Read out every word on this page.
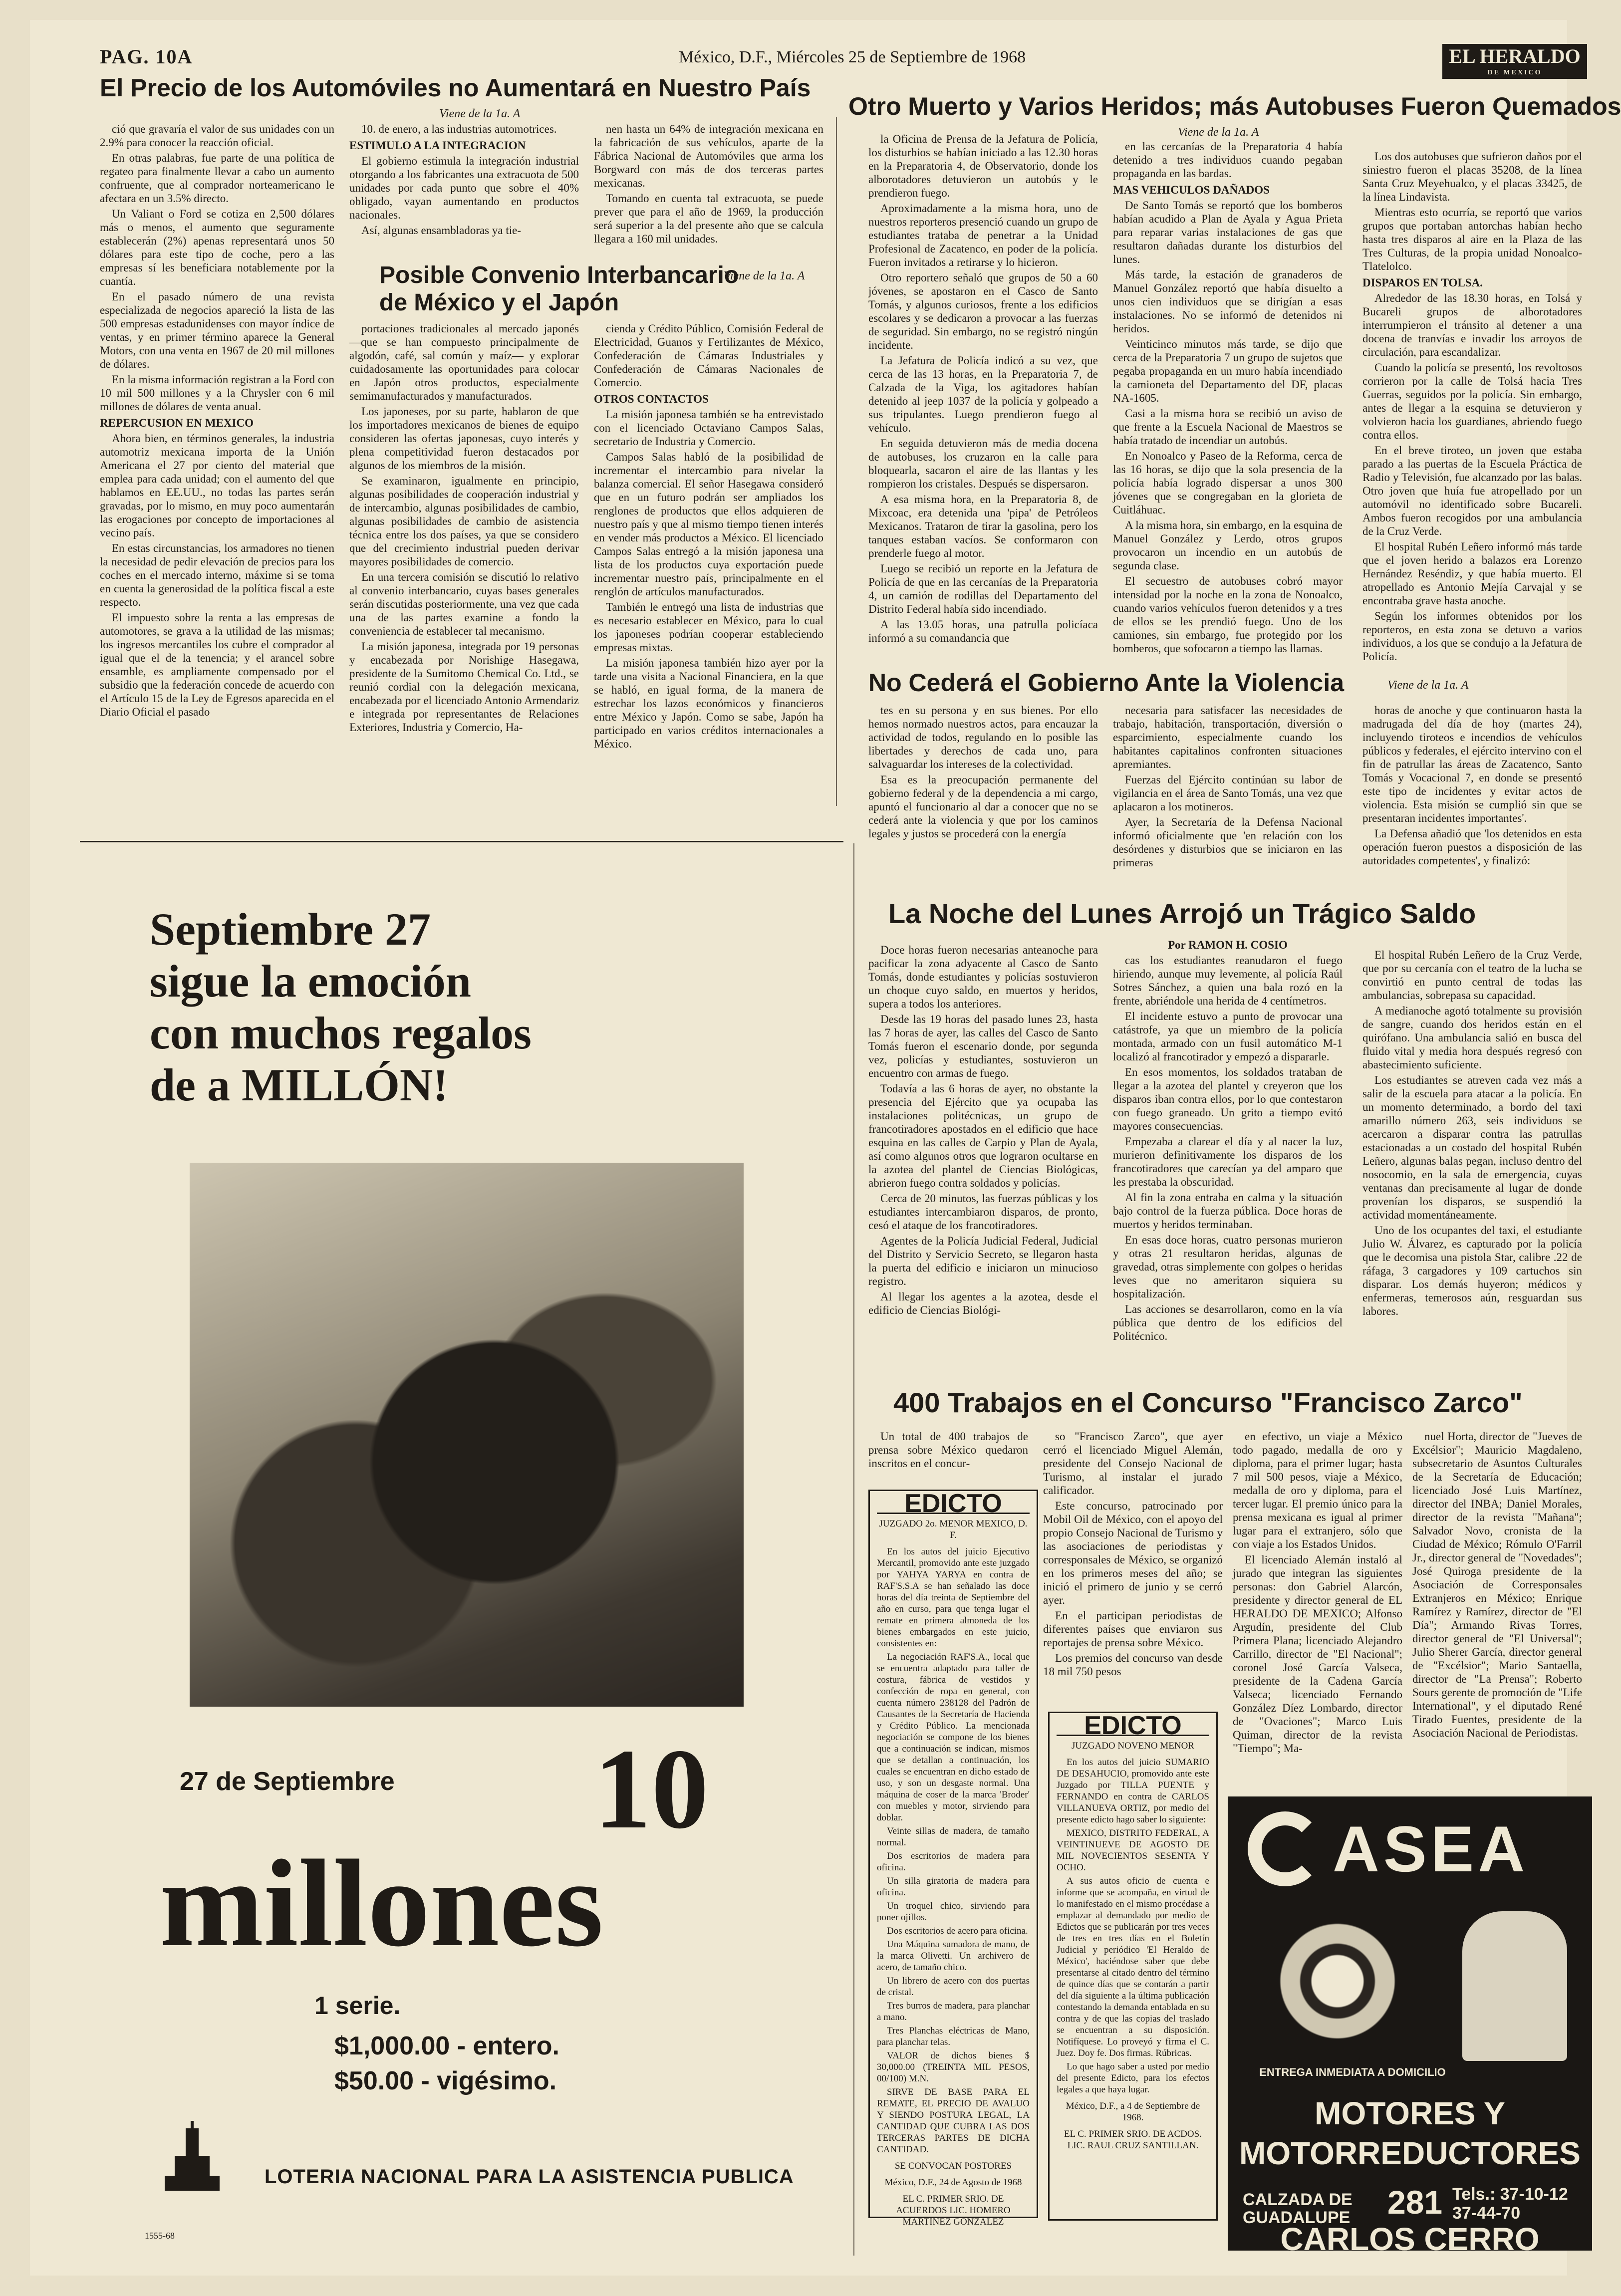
PAG. 10A	México, D.F., Miércoles 25 de Septiembre de 1968	EL HERALDO
DE MEXICO
El Precio de los Automóviles no Aumentará en Nuestro País
Viene de la 1a. A

ció que gravaría el valor de sus unidades con un 2.9% para conocer la reacción oficial.

En otras palabras, fue parte de una política de regateo para finalmente llevar a cabo un aumento confruente, que al comprador norteamericano le afectara en un 3.5% directo.

Un Valiant o Ford se cotiza en 2,500 dólares más o menos, el aumento que seguramente establecerán (2%) apenas representará unos 50 dólares para este tipo de coche, pero a las empresas sí les beneficiara notablemente por la cuantía.

En el pasado número de una revista especializada de negocios apareció la lista de las 500 empresas estadunidenses con mayor índice de ventas, y en primer término aparece la General Motors, con una venta en 1967 de 20 mil millones de dólares.

En la misma información registran a la Ford con 10 mil 500 millones y a la Chrysler con 6 mil millones de dólares de venta anual.

REPERCUSION EN MEXICO

Ahora bien, en términos generales, la industria automotriz mexicana importa de la Unión Americana el 27 por ciento del material que emplea para cada unidad; con el aumento del que hablamos en EE.UU., no todas las partes serán gravadas, por lo mismo, en muy poco aumentarán las erogaciones por concepto de importaciones al vecino país.

En estas circunstancias, los armadores no tienen la necesidad de pedir elevación de precios para los coches en el mercado interno, máxime si se toma en cuenta la generosidad de la política fiscal a este respecto.

El impuesto sobre la renta a las empresas de automotores, se grava a la utilidad de las mismas; los ingresos mercantiles los cubre el comprador al igual que el de la tenencia; y el arancel sobre ensamble, es ampliamente compensado por el subsidio que la federación concede de acuerdo con el Artículo 15 de la Ley de Egresos aparecida en el Diario Oficial el pasado

10. de enero, a las industrias automotrices.

ESTIMULO A LA INTEGRACION

El gobierno estimula la integración industrial otorgando a los fabricantes una extracuota de 500 unidades por cada punto que sobre el 40% obligado, vayan aumentando en productos nacionales.

Así, algunas ensambladoras ya tie-

nen hasta un 64% de integración mexicana en la fabricación de sus vehículos, aparte de la Fábrica Nacional de Automóviles que arma los Borgward con más de dos terceras partes mexicanas.

Tomando en cuenta tal extracuota, se puede prever que para el año de 1969, la producción será superior a la del presente año que se calcula llegara a 160 mil unidades.

Posible Convenio Interbancario
de México y el Japón
Viene de la 1a. A

portaciones tradicionales al mercado japonés —que se han compuesto principalmente de algodón, café, sal común y maíz— y explorar cuidadosamente las oportunidades para colocar en Japón otros productos, especialmente semimanufacturados y manufacturados.

Los japoneses, por su parte, hablaron de que los importadores mexicanos de bienes de equipo consideren las ofertas japonesas, cuyo interés y plena competitividad fueron destacados por algunos de los miembros de la misión.

Se examinaron, igualmente en principio, algunas posibilidades de cooperación industrial y de intercambio, algunas posibilidades de cambio, algunas posibilidades de cambio de asistencia técnica entre los dos países, ya que se considero que del crecimiento industrial pueden derivar mayores posibilidades de comercio.

En una tercera comisión se discutió lo relativo al convenio interbancario, cuyas bases generales serán discutidas posteriormente, una vez que cada una de las partes examine a fondo la conveniencia de establecer tal mecanismo.

La misión japonesa, integrada por 19 personas y encabezada por Norishige Hasegawa, presidente de la Sumitomo Chemical Co. Ltd., se reunió cordial con la delegación mexicana, encabezada por el licenciado Antonio Armendariz e integrada por representantes de Relaciones Exteriores, Industria y Comercio, Ha-

cienda y Crédito Público, Comisión Federal de Electricidad, Guanos y Fertilizantes de México, Confederación de Cámaras Industriales y Confederación de Cámaras Nacionales de Comercio.

OTROS CONTACTOS

La misión japonesa también se ha entrevistado con el licenciado Octaviano Campos Salas, secretario de Industria y Comercio.

Campos Salas habló de la posibilidad de incrementar el intercambio para nivelar la balanza comercial. El señor Hasegawa consideró que en un futuro podrán ser ampliados los renglones de productos que ellos adquieren de nuestro país y que al mismo tiempo tienen interés en vender más productos a México. El licenciado Campos Salas entregó a la misión japonesa una lista de los productos cuya exportación puede incrementar nuestro país, principalmente en el renglón de artículos manufacturados.

También le entregó una lista de industrias que es necesario establecer en México, para lo cual los japoneses podrían cooperar estableciendo empresas mixtas.

La misión japonesa también hizo ayer por la tarde una visita a Nacional Financiera, en la que se habló, en igual forma, de la manera de estrechar los lazos económicos y financieros entre México y Japón. Como se sabe, Japón ha participado en varios créditos internacionales a México.

Otro Muerto y Varios Heridos; más Autobuses Fueron Quemados
Viene de la 1a. A

la Oficina de Prensa de la Jefatura de Policía, los disturbios se habían iniciado a las 12.30 horas en la Preparatoria 4, de Observatorio, donde los alborotadores detuvieron un autobús y le prendieron fuego.

Aproximadamente a la misma hora, uno de nuestros reporteros presenció cuando un grupo de estudiantes trataba de penetrar a la Unidad Profesional de Zacatenco, en poder de la policía. Fueron invitados a retirarse y lo hicieron.

Otro reportero señaló que grupos de 50 a 60 jóvenes, se apostaron en el Casco de Santo Tomás, y algunos curiosos, frente a los edificios escolares y se dedicaron a provocar a las fuerzas de seguridad. Sin embargo, no se registró ningún incidente.

La Jefatura de Policía indicó a su vez, que cerca de las 13 horas, en la Preparatoria 7, de Calzada de la Viga, los agitadores habían detenido al jeep 1037 de la policía y golpeado a sus tripulantes. Luego prendieron fuego al vehículo.

En seguida detuvieron más de media docena de autobuses, los cruzaron en la calle para bloquearla, sacaron el aire de las llantas y les rompieron los cristales. Después se dispersaron.

A esa misma hora, en la Preparatoria 8, de Mixcoac, era detenida una 'pipa' de Petróleos Mexicanos. Trataron de tirar la gasolina, pero los tanques estaban vacíos. Se conformaron con prenderle fuego al motor.

Luego se recibió un reporte en la Jefatura de Policía de que en las cercanías de la Preparatoria 4, un camión de rodillas del Departamento del Distrito Federal había sido incendiado.

A las 13.05 horas, una patrulla policíaca informó a su comandancia que

en las cercanías de la Preparatoria 4 había detenido a tres individuos cuando pegaban propaganda en las bardas.

MAS VEHICULOS DAÑADOS

De Santo Tomás se reportó que los bomberos habían acudido a Plan de Ayala y Agua Prieta para reparar varias instalaciones de gas que resultaron dañadas durante los disturbios del lunes.

Más tarde, la estación de granaderos de Manuel González reportó que había disuelto a unos cien individuos que se dirigían a esas instalaciones. No se informó de detenidos ni heridos.

Veinticinco minutos más tarde, se dijo que cerca de la Preparatoria 7 un grupo de sujetos que pegaba propaganda en un muro había incendiado la camioneta del Departamento del DF, placas NA-1605.

Casi a la misma hora se recibió un aviso de que frente a la Escuela Nacional de Maestros se había tratado de incendiar un autobús.

En Nonoalco y Paseo de la Reforma, cerca de las 16 horas, se dijo que la sola presencia de la policía había logrado dispersar a unos 300 jóvenes que se congregaban en la glorieta de Cuitláhuac.

A la misma hora, sin embargo, en la esquina de Manuel González y Lerdo, otros grupos provocaron un incendio en un autobús de segunda clase.

El secuestro de autobuses cobró mayor intensidad por la noche en la zona de Nonoalco, cuando varios vehículos fueron detenidos y a tres de ellos se les prendió fuego. Uno de los camiones, sin embargo, fue protegido por los bomberos, que sofocaron a tiempo las llamas.

Los dos autobuses que sufrieron daños por el siniestro fueron el placas 35208, de la línea Santa Cruz Meyehualco, y el placas 33425, de la línea Lindavista.

Mientras esto ocurría, se reportó que varios grupos que portaban antorchas habían hecho hasta tres disparos al aire en la Plaza de las Tres Culturas, de la propia unidad Nonoalco-Tlatelolco.

DISPAROS EN TOLSA.

Alrededor de las 18.30 horas, en Tolsá y Bucareli grupos de alborotadores interrumpieron el tránsito al detener a una docena de tranvías e invadir los arroyos de circulación, para escandalizar.

Cuando la policía se presentó, los revoltosos corrieron por la calle de Tolsá hacia Tres Guerras, seguidos por la policía. Sin embargo, antes de llegar a la esquina se detuvieron y volvieron hacia los guardianes, abriendo fuego contra ellos.

En el breve tiroteo, un joven que estaba parado a las puertas de la Escuela Práctica de Radio y Televisión, fue alcanzado por las balas. Otro joven que huía fue atropellado por un automóvil no identificado sobre Bucareli. Ambos fueron recogidos por una ambulancia de la Cruz Verde.

El hospital Rubén Leñero informó más tarde que el joven herido a balazos era Lorenzo Hernández Reséndiz, y que había muerto. El atropellado es Antonio Mejía Carvajal y se encontraba grave hasta anoche.

Según los informes obtenidos por los reporteros, en esta zona se detuvo a varios individuos, a los que se condujo a la Jefatura de Policía.

No Cederá el Gobierno Ante la Violencia	Viene de la 1a. A

tes en su persona y en sus bienes. Por ello hemos normado nuestros actos, para encauzar la actividad de todos, regulando en lo posible las libertades y derechos de cada uno, para salvaguardar los intereses de la colectividad.

Esa es la preocupación permanente del gobierno federal y de la dependencia a mi cargo, apuntó el funcionario al dar a conocer que no se cederá ante la violencia y que por los caminos legales y justos se procederá con la energía

necesaria para satisfacer las necesidades de trabajo, habitación, transportación, diversión o esparcimiento, especialmente cuando los habitantes capitalinos confronten situaciones apremiantes.

Fuerzas del Ejército continúan su labor de vigilancia en el área de Santo Tomás, una vez que aplacaron a los motineros.

Ayer, la Secretaría de la Defensa Nacional informó oficialmente que 'en relación con los desórdenes y disturbios que se iniciaron en las primeras

horas de anoche y que continuaron hasta la madrugada del día de hoy (martes 24), incluyendo tiroteos e incendios de vehículos públicos y federales, el ejército intervino con el fin de patrullar las áreas de Zacatenco, Santo Tomás y Vocacional 7, en donde se presentó este tipo de incidentes y evitar actos de violencia. Esta misión se cumplió sin que se presentaran incidentes importantes'.

La Defensa añadió que 'los detenidos en esta operación fueron puestos a disposición de las autoridades competentes', y finalizó:

Septiembre 27
sigue la emoción
con muchos regalos
de a MILLÓN!
27 de Septiembre 10
millones
1 serie.
$1,000.00 - entero.
$50.00 - vigésimo.
LOTERIA NACIONAL PARA LA ASISTENCIA PUBLICA
1555-68
La Noche del Lunes Arrojó un Trágico Saldo

Doce horas fueron necesarias anteanoche para pacificar la zona adyacente al Casco de Santo Tomás, donde estudiantes y policías sostuvieron un choque cuyo saldo, en muertos y heridos, supera a todos los anteriores.

Desde las 19 horas del pasado lunes 23, hasta las 7 horas de ayer, las calles del Casco de Santo Tomás fueron el escenario donde, por segunda vez, policías y estudiantes, sostuvieron un encuentro con armas de fuego.

Todavía a las 6 horas de ayer, no obstante la presencia del Ejército que ya ocupaba las instalaciones politécnicas, un grupo de francotiradores apostados en el edificio que hace esquina en las calles de Carpio y Plan de Ayala, así como algunos otros que lograron ocultarse en la azotea del plantel de Ciencias Biológicas, abrieron fuego contra soldados y policías.

Cerca de 20 minutos, las fuerzas públicas y los estudiantes intercambiaron disparos, de pronto, cesó el ataque de los francotiradores.

Agentes de la Policía Judicial Federal, Judicial del Distrito y Servicio Secreto, se llegaron hasta la puerta del edificio e iniciaron un minucioso registro.

Al llegar los agentes a la azotea, desde el edificio de Ciencias Biológi-

Por RAMON H. COSIO

cas los estudiantes reanudaron el fuego hiriendo, aunque muy levemente, al policía Raúl Sotres Sánchez, a quien una bala rozó en la frente, abriéndole una herida de 4 centímetros.

El incidente estuvo a punto de provocar una catástrofe, ya que un miembro de la policía montada, armado con un fusil automático M-1 localizó al francotirador y empezó a dispararle.

En esos momentos, los soldados trataban de llegar a la azotea del plantel y creyeron que los disparos iban contra ellos, por lo que contestaron con fuego graneado. Un grito a tiempo evitó mayores consecuencias.

Empezaba a clarear el día y al nacer la luz, murieron definitivamente los disparos de los francotiradores que carecían ya del amparo que les prestaba la obscuridad.

Al fin la zona entraba en calma y la situación bajo control de la fuerza pública. Doce horas de muertos y heridos terminaban.

En esas doce horas, cuatro personas murieron y otras 21 resultaron heridas, algunas de gravedad, otras simplemente con golpes o heridas leves que no ameritaron siquiera su hospitalización.

Las acciones se desarrollaron, como en la vía pública que dentro de los edificios del Politécnico.

El hospital Rubén Leñero de la Cruz Verde, que por su cercanía con el teatro de la lucha se convirtió en punto central de todas las ambulancias, sobrepasa su capacidad.

A medianoche agotó totalmente su provisión de sangre, cuando dos heridos están en el quirófano. Una ambulancia salió en busca del fluido vital y media hora después regresó con abastecimiento suficiente.

Los estudiantes se atreven cada vez más a salir de la escuela para atacar a la policía. En un momento determinado, a bordo del taxi amarillo número 263, seis individuos se acercaron a disparar contra las patrullas estacionadas a un costado del hospital Rubén Leñero, algunas balas pegan, incluso dentro del nosocomio, en la sala de emergencia, cuyas ventanas dan precisamente al lugar de donde provenían los disparos, se suspendió la actividad momentáneamente.

Uno de los ocupantes del taxi, el estudiante Julio W. Álvarez, es capturado por la policía que le decomisa una pistola Star, calibre .22 de ráfaga, 3 cargadores y 109 cartuchos sin disparar. Los demás huyeron; médicos y enfermeras, temerosos aún, resguardan sus labores.

400 Trabajos en el Concurso "Francisco Zarco"

Un total de 400 trabajos de prensa sobre México quedaron inscritos en el concur-

so "Francisco Zarco", que ayer cerró el licenciado Miguel Alemán, presidente del Consejo Nacional de Turismo, al instalar el jurado calificador.

Este concurso, patrocinado por Mobil Oil de México, con el apoyo del propio Consejo Nacional de Turismo y las asociaciones de periodistas y corresponsales de México, se organizó en los primeros meses del año; se inició el primero de junio y se cerró ayer.

En el participan periodistas de diferentes países que enviaron sus reportajes de prensa sobre México.

Los premios del concurso van desde 18 mil 750 pesos

en efectivo, un viaje a México todo pagado, medalla de oro y diploma, para el primer lugar; hasta 7 mil 500 pesos, viaje a México, medalla de oro y diploma, para el tercer lugar. El premio único para la prensa mexicana es igual al primer lugar para el extranjero, sólo que con viaje a los Estados Unidos.

El licenciado Alemán instaló al jurado que integran las siguientes personas: don Gabriel Alarcón, presidente y director general de EL HERALDO DE MEXICO; Alfonso Argudín, presidente del Club Primera Plana; licenciado Alejandro Carrillo, director de "El Nacional"; coronel José García Valseca, presidente de la Cadena García Valseca; licenciado Fernando González Díez Lombardo, director de "Ovaciones"; Marco Luis Quiman, director de la revista "Tiempo"; Ma-

nuel Horta, director de "Jueves de Excélsior"; Mauricio Magdaleno, subsecretario de Asuntos Culturales de la Secretaría de Educación; licenciado José Luis Martínez, director del INBA; Daniel Morales, director de la revista "Mañana"; Salvador Novo, cronista de la Ciudad de México; Rómulo O'Farril Jr., director general de "Novedades"; José Quiroga presidente de la Asociación de Corresponsales Extranjeros en México; Enrique Ramírez y Ramírez, director de "El Día"; Armando Rivas Torres, director general de "El Universal"; Julio Sherer García, director general de "Excélsior"; Mario Santaella, director de "La Prensa"; Roberto Sours gerente de promoción de "Life International", y el diputado René Tirado Fuentes, presidente de la Asociación Nacional de Periodistas.

EDICTO
JUZGADO 2o. MENOR MEXICO, D. F.

En los autos del juicio Ejecutivo Mercantil, promovido ante este juzgado por YAHYA YARYA en contra de RAF'S.S.A se han señalado las doce horas del día treinta de Septiembre del año en curso, para que tenga lugar el remate en primera almoneda de los bienes embargados en este juicio, consistentes en:

La negociación RAF'S.A., local que se encuentra adaptado para taller de costura, fábrica de vestidos y confección de ropa en general, con cuenta número 238128 del Padrón de Causantes de la Secretaría de Hacienda y Crédito Público. La mencionada negociación se compone de los bienes que a continuación se indican, mismos que se detallan a continuación, los cuales se encuentran en dicho estado de uso, y son un desgaste normal. Una máquina de coser de la marca 'Broder' con muebles y motor, sirviendo para doblar.

Veinte sillas de madera, de tamaño normal.

Dos escritorios de madera para oficina.

Un silla giratoria de madera para oficina.

Un troquel chico, sirviendo para poner ojillos.

Dos escritorios de acero para oficina.

Una Máquina sumadora de mano, de la marca Olivetti. Un archivero de acero, de tamaño chico.

Un librero de acero con dos puertas de cristal.

Tres burros de madera, para planchar a mano.

Tres Planchas eléctricas de Mano, para planchar telas.

VALOR de dichos bienes $ 30,000.00 (TREINTA MIL PESOS, 00/100) M.N.

SIRVE DE BASE PARA EL REMATE, EL PRECIO DE AVALUO Y SIENDO POSTURA LEGAL, LA CANTIDAD QUE CUBRA LAS DOS TERCERAS PARTES DE DICHA CANTIDAD.

SE CONVOCAN POSTORES

México, D.F., 24 de Agosto de 1968

EL C. PRIMER SRIO. DE ACUERDOS LIC. HOMERO MARTINEZ GONZALEZ

EDICTO
JUZGADO NOVENO MENOR

En los autos del juicio SUMARIO DE DESAHUCIO, promovido ante este Juzgado por TILLA PUENTE y FERNANDO en contra de CARLOS VILLANUEVA ORTIZ, por medio del presente edicto hago saber lo siguiente:

MEXICO, DISTRITO FEDERAL, A VEINTINUEVE DE AGOSTO DE MIL NOVECIENTOS SESENTA Y OCHO.

A sus autos oficio de cuenta e informe que se acompaña, en virtud de lo manifestado en el mismo procédase a emplazar al demandado por medio de Edictos que se publicarán por tres veces de tres en tres días en el Boletín Judicial y periódico 'El Heraldo de México', haciéndose saber que debe presentarse al citado dentro del término de quince días que se contarán a partir del día siguiente a la última publicación contestando la demanda entablada en su contra y de que las copias del traslado se encuentran a su disposición. Notifíquese. Lo proveyó y firma el C. Juez. Doy fe. Dos firmas. Rúbricas.

Lo que hago saber a usted por medio del presente Edicto, para los efectos legales a que haya lugar.

México, D.F., a 4 de Septiembre de 1968.

EL C. PRIMER SRIO. DE ACDOS. LIC. RAUL CRUZ SANTILLAN.

ASEA
ENTREGA INMEDIATA A DOMICILIO
MOTORES Y
MOTORREDUCTORES
CALZADA DE
GUADALUPE 281 Tels.: 37-10-12
37-44-70
CARLOS CERRO
